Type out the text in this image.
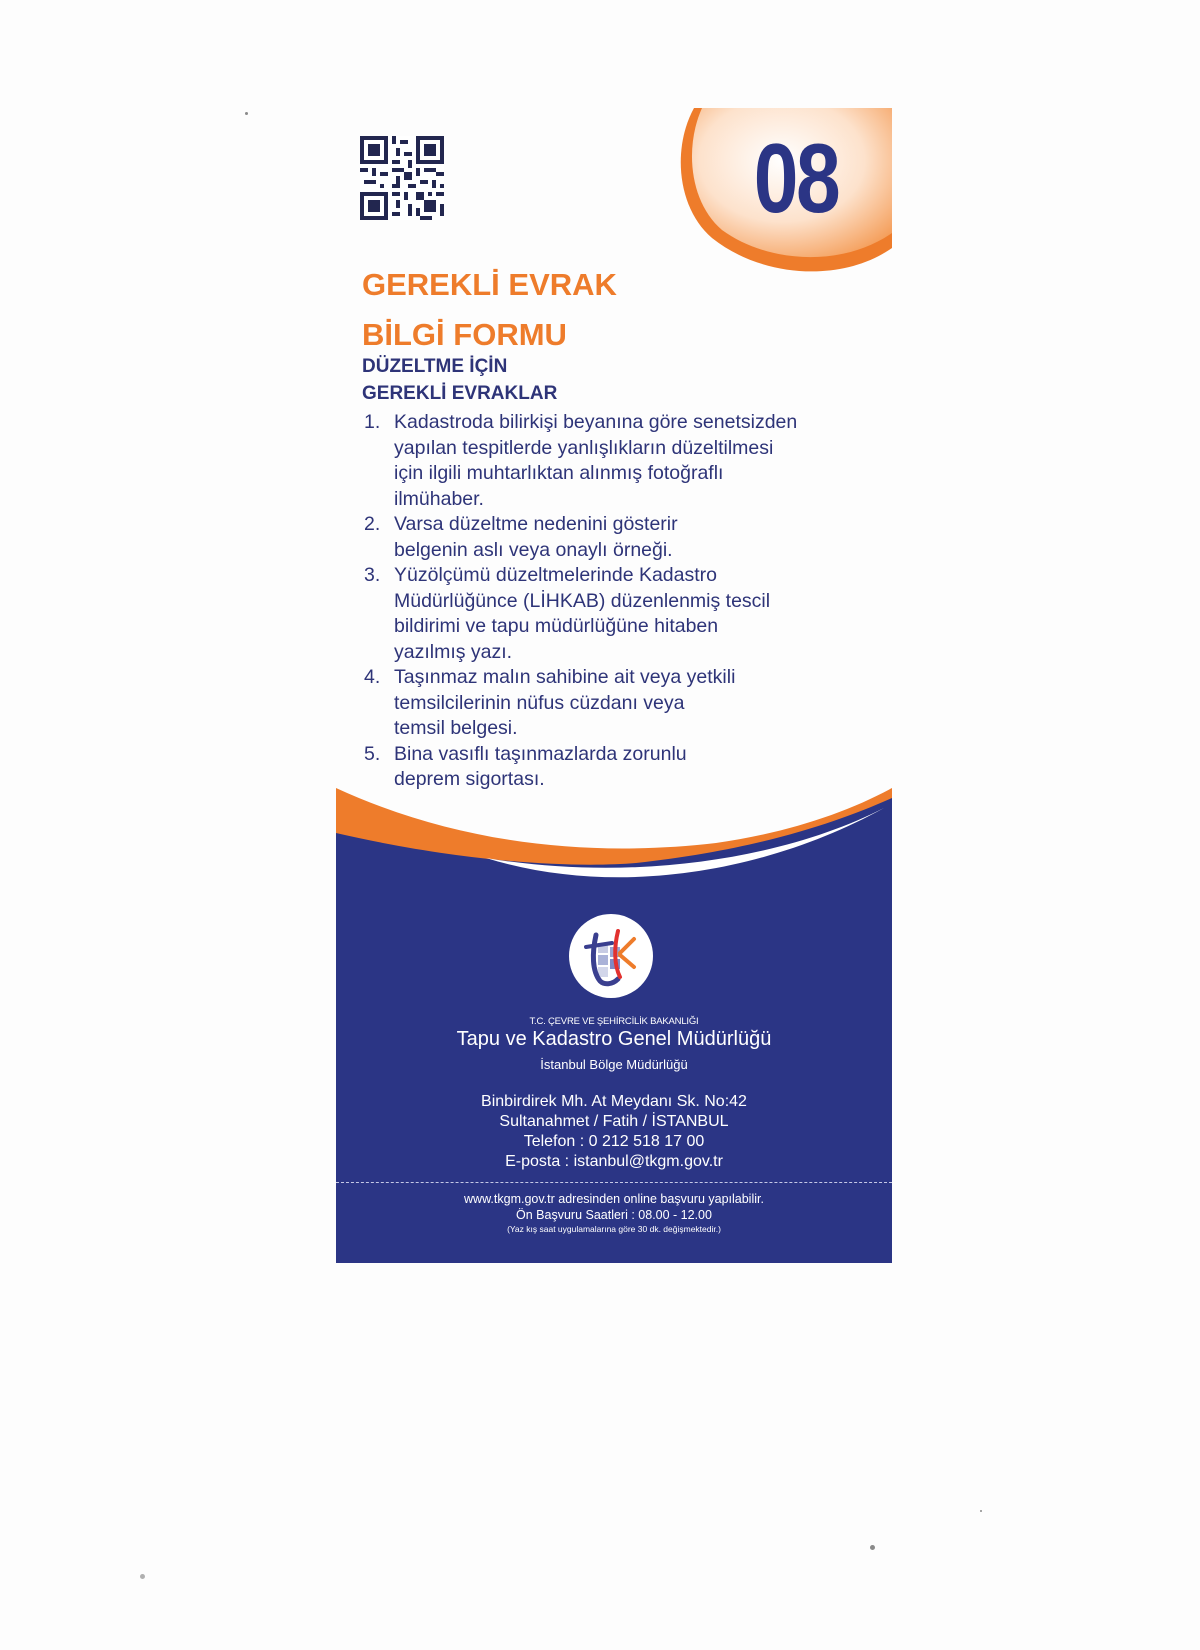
08
GEREKLİ EVRAK
BİLGİ FORMU
DÜZELTME İÇİN
GEREKLİ EVRAKLAR
1. Kadastroda bilirkişi beyanına göre senetsizden
yapılan tespitlerde yanlışlıkların düzeltilmesi
için ilgili muhtarlıktan alınmış fotoğraflı
ilmühaber.
2. Varsa düzeltme nedenini gösterir
belgenin aslı veya onaylı örneği.
3. Yüzölçümü düzeltmelerinde Kadastro
Müdürlüğünce (LİHKAB) düzenlenmiş tescil
bildirimi ve tapu müdürlüğüne hitaben
yazılmış yazı.
4. Taşınmaz malın sahibine ait veya yetkili
temsilcilerinin nüfus cüzdanı veya
temsil belgesi.
5. Bina vasıflı taşınmazlarda zorunlu
deprem sigortası.
T.C. ÇEVRE VE ŞEHİRCİLİK BAKANLIĞI
Tapu ve Kadastro Genel Müdürlüğü
İstanbul Bölge Müdürlüğü
Binbirdirek Mh. At Meydanı Sk. No:42
Sultanahmet / Fatih / İSTANBUL
Telefon : 0 212 518 17 00
E-posta : istanbul@tkgm.gov.tr
www.tkgm.gov.tr adresinden online başvuru yapılabilir.
Ön Başvuru Saatleri : 08.00 - 12.00
(Yaz kış saat uygulamalarına göre 30 dk. değişmektedir.)
